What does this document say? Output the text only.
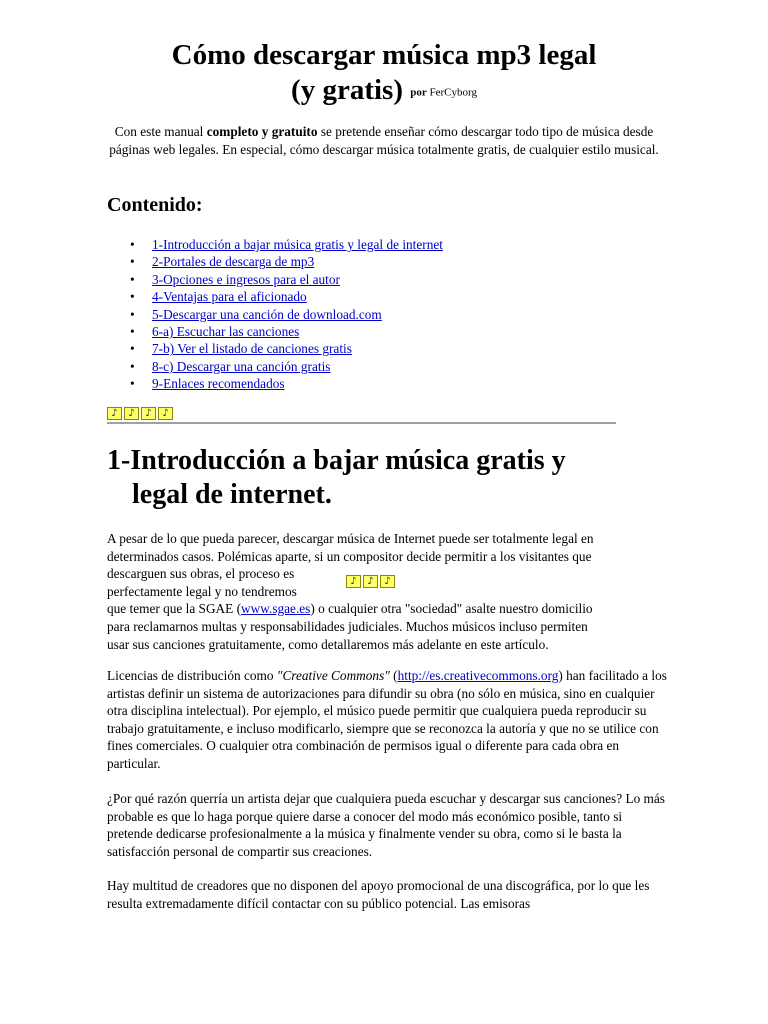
Cómo descargar música mp3 legal
(y gratis) por FerCyborg
Con este manual completo y gratuito se pretende enseñar cómo descargar todo tipo de música desde páginas web legales. En especial, cómo descargar música totalmente gratis, de cualquier estilo musical.
Contenido:
• 1-Introducción a bajar música gratis y legal de internet
• 2-Portales de descarga de mp3
• 3-Opciones e ingresos para el autor
• 4-Ventajas para el aficionado
• 5-Descargar una canción de download.com
• 6-a) Escuchar las canciones
• 7-b) Ver el listado de canciones gratis
• 8-c) Descargar una canción gratis
• 9-Enlaces recomendados
♪	♪	♪	♪
1-Introducción a bajar música gratis y
legal de internet.
A pesar de lo que pueda parecer, descargar música de Internet puede ser totalmente legal en
determinados casos. Polémicas aparte, si un compositor decide permitir a los visitantes que
descarguen sus obras, el proceso es
perfectamente legal y no tendremos
que temer que la SGAE (www.sgae.es) o cualquier otra "sociedad" asalte nuestro domicilio
para reclamarnos multas y responsabilidades judiciales. Muchos músicos incluso permiten
usar sus canciones gratuitamente, como detallaremos más adelante en este artículo.
♪	♪	♪
Licencias de distribución como "Creative Commons" (http://es.creativecommons.org) han facilitado a los artistas definir un sistema de autorizaciones para difundir su obra (no sólo en música, sino en cualquier otra disciplina intelectual). Por ejemplo, el músico puede permitir que cualquiera pueda reproducir su trabajo gratuitamente, e incluso modificarlo, siempre que se reconozca la autoría y que no se utilice con fines comerciales. O cualquier otra combinación de permisos igual o diferente para cada obra en particular.
¿Por qué razón querría un artista dejar que cualquiera pueda escuchar y descargar sus canciones? Lo más probable es que lo haga porque quiere darse a conocer del modo más económico posible, tanto si pretende dedicarse profesionalmente a la música y finalmente vender su obra, como si le basta la satisfacción personal de compartir sus creaciones.
Hay multitud de creadores que no disponen del apoyo promocional de una discográfica, por lo que les resulta extremadamente difícil contactar con su público potencial. Las emisoras
